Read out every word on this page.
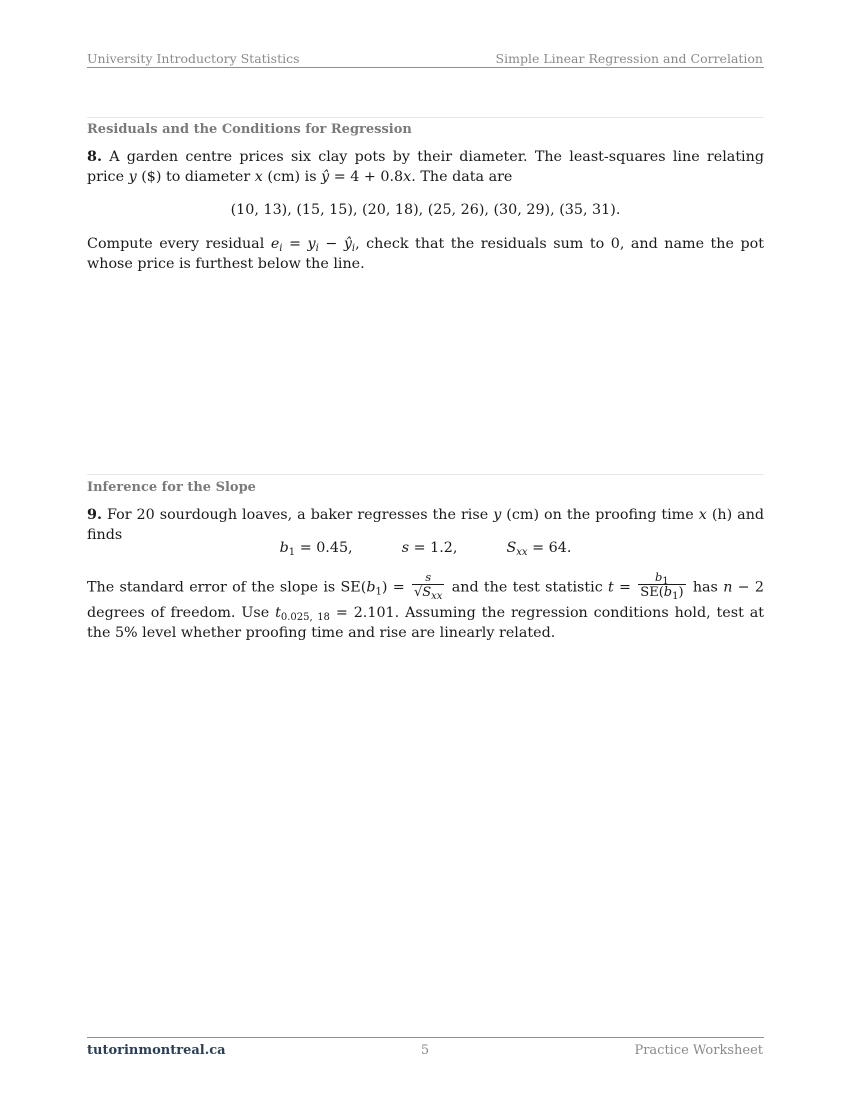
University Introductory Statistics	Simple Linear Regression and Correlation
Residuals and the Conditions for Regression
8. A garden centre prices six clay pots by their diameter. The least-squares line relating price y ($) to diameter x (cm) is ŷ = 4 + 0.8x. The data are
(10, 13), (15, 15), (20, 18), (25, 26), (30, 29), (35, 31).
Compute every residual $e_i = y_i$ − $ŷ_i$, check that the residuals sum to 0, and name the pot whose price is furthest below the line.
Inference for the Slope
9. For 20 sourdough loaves, a baker regresses the rise y (cm) on the proofing time x (h) and finds
$b_1 = 0.45$,	s = 1.2,	$S_{xx} = 64$.
The standard error of the slope is $SE(b_1) = \frac{s}{√S_{xx}}$ and the test statistic $t = \frac{b_1}{SE(b_1)}$ has n − 2 degrees of freedom. Use $t_{0.025, 18} = 2.101$. Assuming the regression conditions hold, test at the 5% level whether proofing time and rise are linearly related.
tutorinmontreal.ca	5	Practice Worksheet
